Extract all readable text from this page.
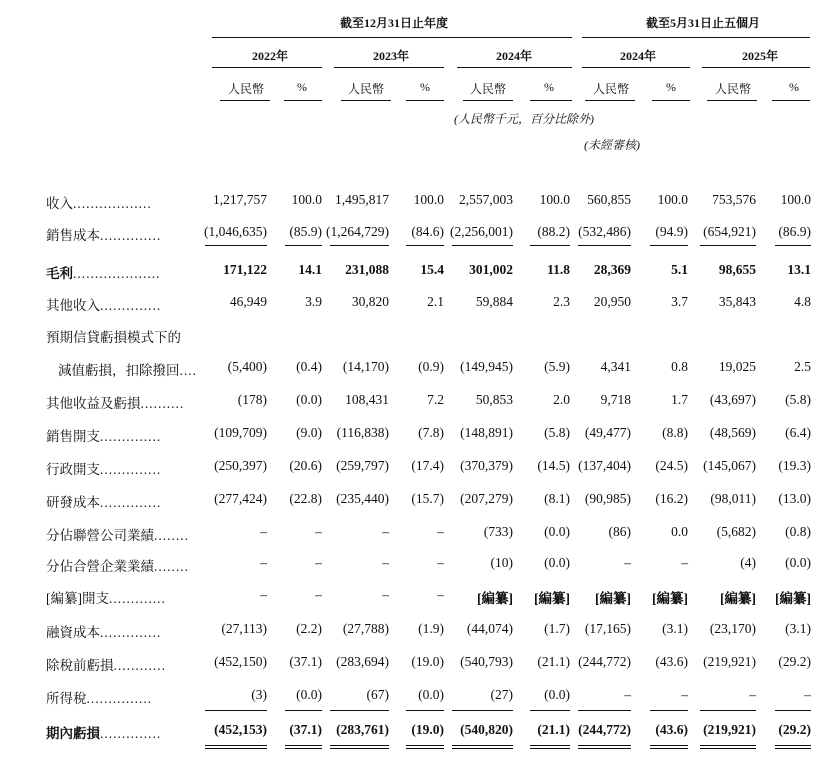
截至12月31日止年度	截至5月31日止五個月
2022年	2023年	2024年	2024年	2025年
人民幣	%	人民幣	%	人民幣	%	人民幣	%	人民幣	%
(人民幣千元，百分比除外)
(未經審核)
收入..................	1,217,757 100.0 1,495,817 100.0 2,557,003 100.0 560,855 100.0 753,576 100.0
銷售成本..............	(1,046,635) (85.9) (1,264,729) (84.6) (2,256,001) (88.2) (532,486) (94.9) (654,921) (86.9)
毛利....................	171,122 14.1 231,088 15.4 301,002	11.8 28,369	5.1 98,655 13.1
其他收入..............	46,949	3.9 30,820	2.1 59,884	2.3 20,950	3.7 35,843	4.8
預期信貸虧損模式下的
減值虧損，扣除撥回.... (5,400) (0.4) (14,170) (0.9) (149,945) (5.9) 4,341	0.8 19,025	2.5
其他收益及虧損..........	(178) (0.0) 108,431	7.2 50,853	2.0 9,718	1.7 (43,697) (5.8)
銷售開支..............	(109,709) (9.0) (116,838) (7.8) (148,891) (5.8) (49,477) (8.8) (48,569) (6.4)
行政開支..............	(250,397) (20.6) (259,797) (17.4) (370,379) (14.5) (137,404) (24.5) (145,067) (19.3)
研發成本..............	(277,424) (22.8) (235,440) (15.7) (207,279) (8.1) (90,985) (16.2) (98,011) (13.0)
分佔聯營公司業績........	–	–	–	–	(733) (0.0)	(86)	0.0 (5,682) (0.8)
分佔合營企業業績........	–	–	–	–	(10) (0.0)	–	–	(4) (0.0)
[編纂]開支.............	–	–	–	– [編纂] [編纂] [編纂] [編纂] [編纂] [編纂]
融資成本..............	(27,113) (2.2) (27,788) (1.9) (44,074) (1.7) (17,165) (3.1) (23,170) (3.1)
除稅前虧損............	(452,150) (37.1) (283,694) (19.0) (540,793) (21.1) (244,772) (43.6) (219,921) (29.2)
所得稅...............	(3) (0.0)	(67) (0.0)	(27) (0.0)	–	–	–	–
期內虧損..............	(452,153) (37.1) (283,761) (19.0) (540,820) (21.1) (244,772) (43.6) (219,921) (29.2)
